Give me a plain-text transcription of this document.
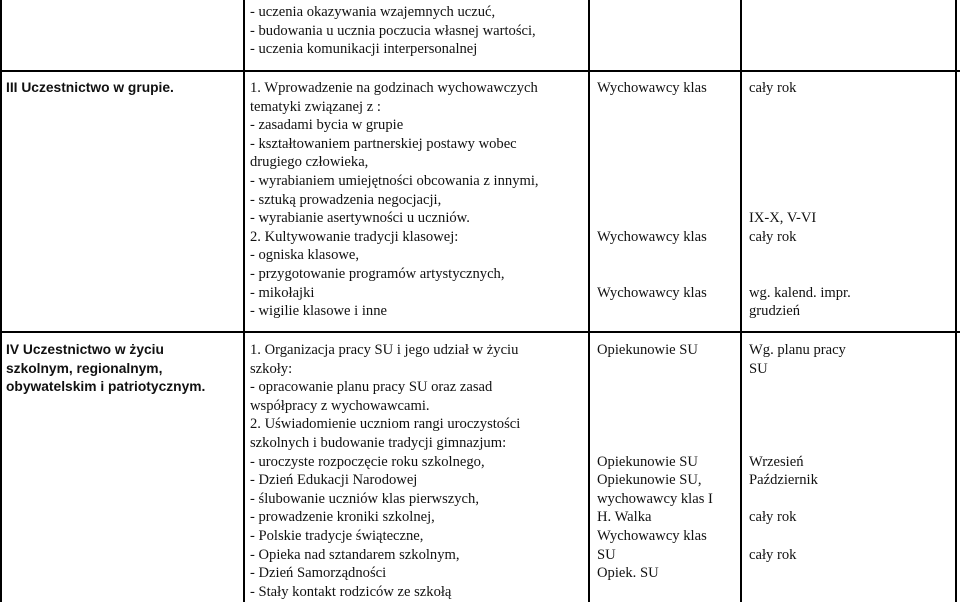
- uczenia okazywania wzajemnych uczuć,
- budowania u ucznia poczucia własnej wartości,
- uczenia komunikacji interpersonalnej
III Uczestnictwo w grupie.	1. Wprowadzenie na godzinach wychowawczych
tematyki związanej z :
- zasadami bycia w grupie
- kształtowaniem partnerskiej postawy wobec
drugiego człowieka,
- wyrabianiem umiejętności obcowania z innymi,
- sztuką prowadzenia negocjacji,
- wyrabianie asertywności u uczniów.
2. Kultywowanie tradycji klasowej:
- ogniska klasowe,
- przygotowanie programów artystycznych,
- mikołajki
- wigilie klasowe i inne
Wychowawcy klas
Wychowawcy klas
Wychowawcy klas
cały rok
IX-X, V-VI
cały rok
wg. kalend. impr.
grudzień
IV Uczestnictwo w życiu
szkolnym, regionalnym,
obywatelskim i patriotycznym.
1. Organizacja pracy SU i jego udział w życiu
szkoły:
- opracowanie planu pracy SU oraz zasad
współpracy z wychowawcami.
2. Uświadomienie uczniom rangi uroczystości
szkolnych i budowanie tradycji gimnazjum:
- uroczyste rozpoczęcie roku szkolnego,
- Dzień Edukacji Narodowej
- ślubowanie uczniów klas pierwszych,
- prowadzenie kroniki szkolnej,
- Polskie tradycje świąteczne,
- Opieka nad sztandarem szkolnym,
- Dzień Samorządności
- Stały kontakt rodziców ze szkołą
Opiekunowie SU
Opiekunowie SU
Opiekunowie SU,
wychowawcy klas I
H. Walka
Wychowawcy klas
SU
Opiek. SU
Wg. planu pracy
SU
Wrzesień
Październik
cały rok
cały rok
